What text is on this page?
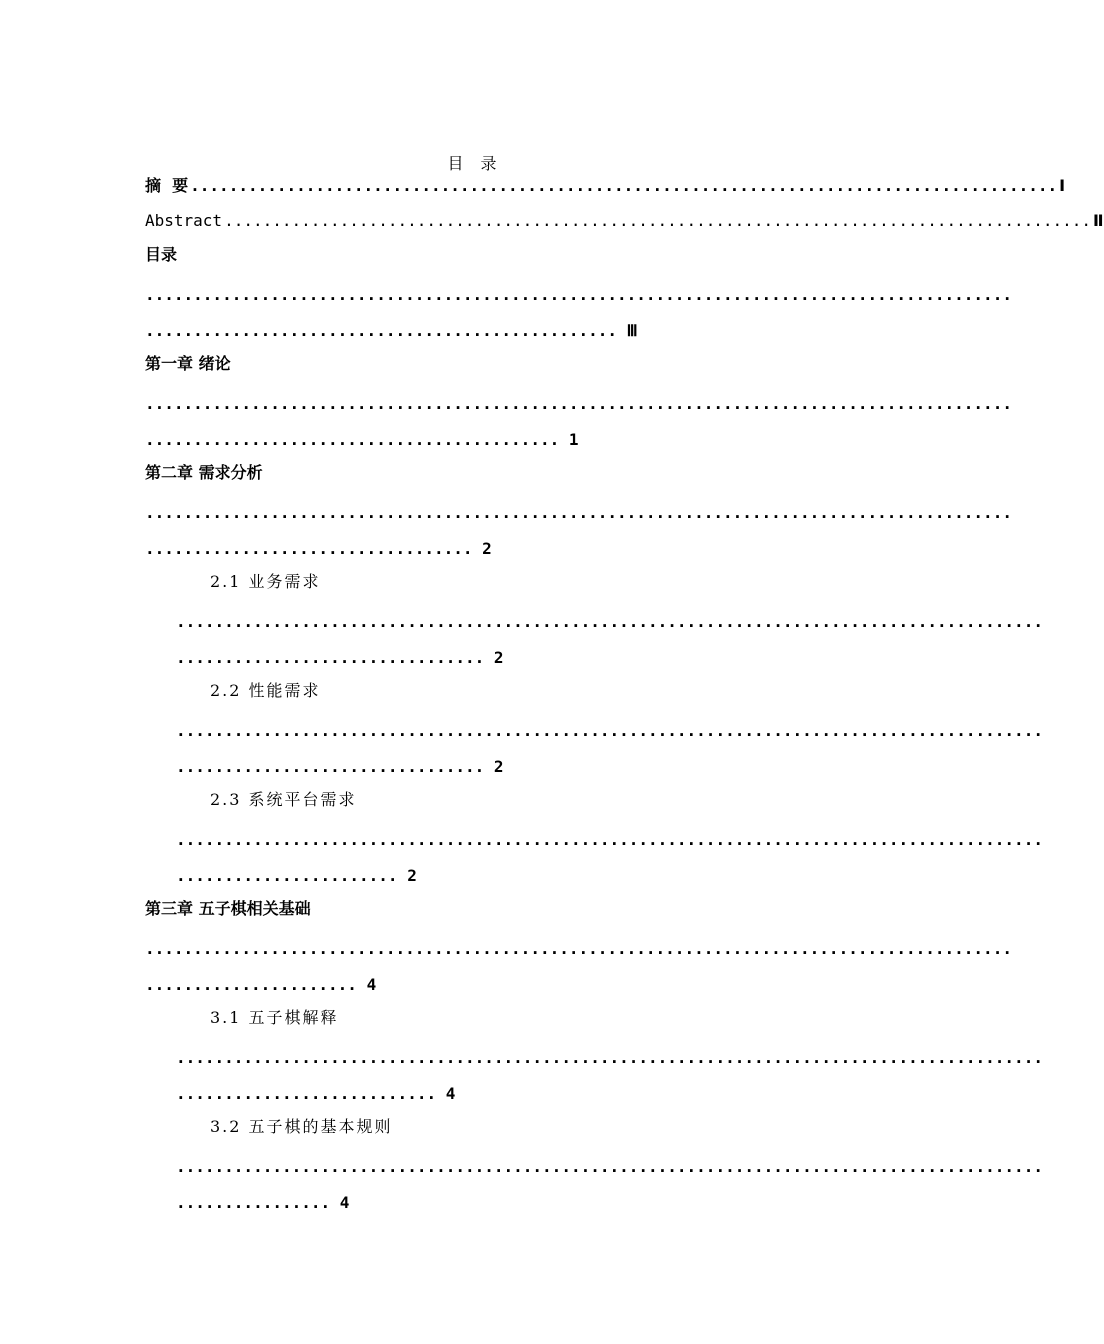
目 录
摘  要 .......................................................................................... Ⅰ
Abstract .......................................................................................... Ⅱ
目录
..........................................................................................
................................................. Ⅲ
第一章 绪论
..........................................................................................
........................................... 1
第二章 需求分析
..........................................................................................
.................................. 2
2.1 业务需求
..........................................................................................
................................ 2
2.2 性能需求
..........................................................................................
................................ 2
2.3 系统平台需求
..........................................................................................
....................... 2
第三章 五子棋相关基础
..........................................................................................
...................... 4
3.1 五子棋解释
..........................................................................................
........................... 4
3.2 五子棋的基本规则
..........................................................................................
................ 4
